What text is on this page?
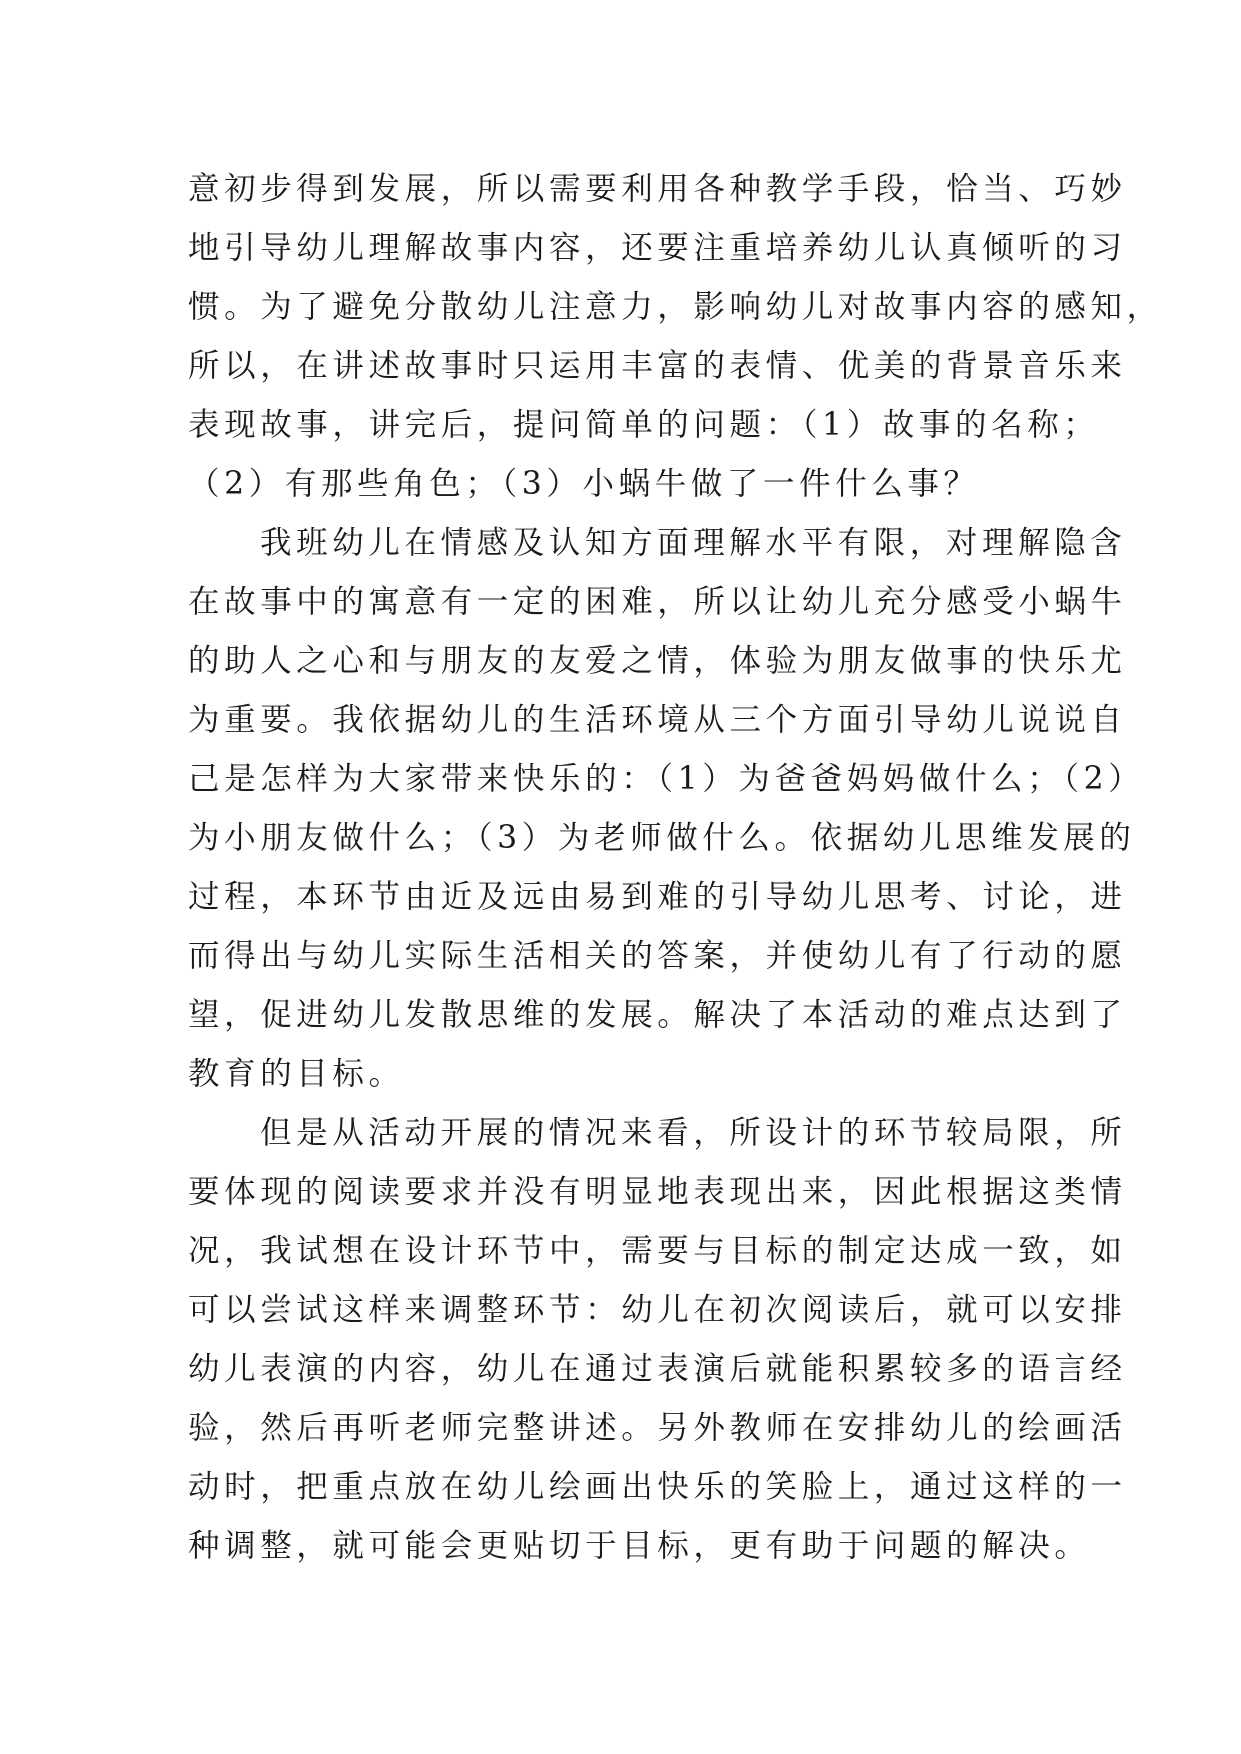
意初步得到发展，所以需要利用各种教学手段，恰当、巧妙
地引导幼儿理解故事内容，还要注重培养幼儿认真倾听的习
惯。为了避免分散幼儿注意力，影响幼儿对故事内容的感知，
所以，在讲述故事时只运用丰富的表情、优美的背景音乐来
表现故事，讲完后，提问简单的问题：（1）故事的名称；
（2）有那些角色；（3）小蜗牛做了一件什么事？
我班幼儿在情感及认知方面理解水平有限，对理解隐含
在故事中的寓意有一定的困难，所以让幼儿充分感受小蜗牛
的助人之心和与朋友的友爱之情，体验为朋友做事的快乐尤
为重要。我依据幼儿的生活环境从三个方面引导幼儿说说自
己是怎样为大家带来快乐的：（1）为爸爸妈妈做什么；（2）
为小朋友做什么；（3）为老师做什么。依据幼儿思维发展的
过程，本环节由近及远由易到难的引导幼儿思考、讨论，进
而得出与幼儿实际生活相关的答案，并使幼儿有了行动的愿
望，促进幼儿发散思维的发展。解决了本活动的难点达到了
教育的目标。
但是从活动开展的情况来看，所设计的环节较局限，所
要体现的阅读要求并没有明显地表现出来，因此根据这类情
况，我试想在设计环节中，需要与目标的制定达成一致，如
可以尝试这样来调整环节：幼儿在初次阅读后，就可以安排
幼儿表演的内容，幼儿在通过表演后就能积累较多的语言经
验，然后再听老师完整讲述。另外教师在安排幼儿的绘画活
动时，把重点放在幼儿绘画出快乐的笑脸上，通过这样的一
种调整，就可能会更贴切于目标，更有助于问题的解决。
